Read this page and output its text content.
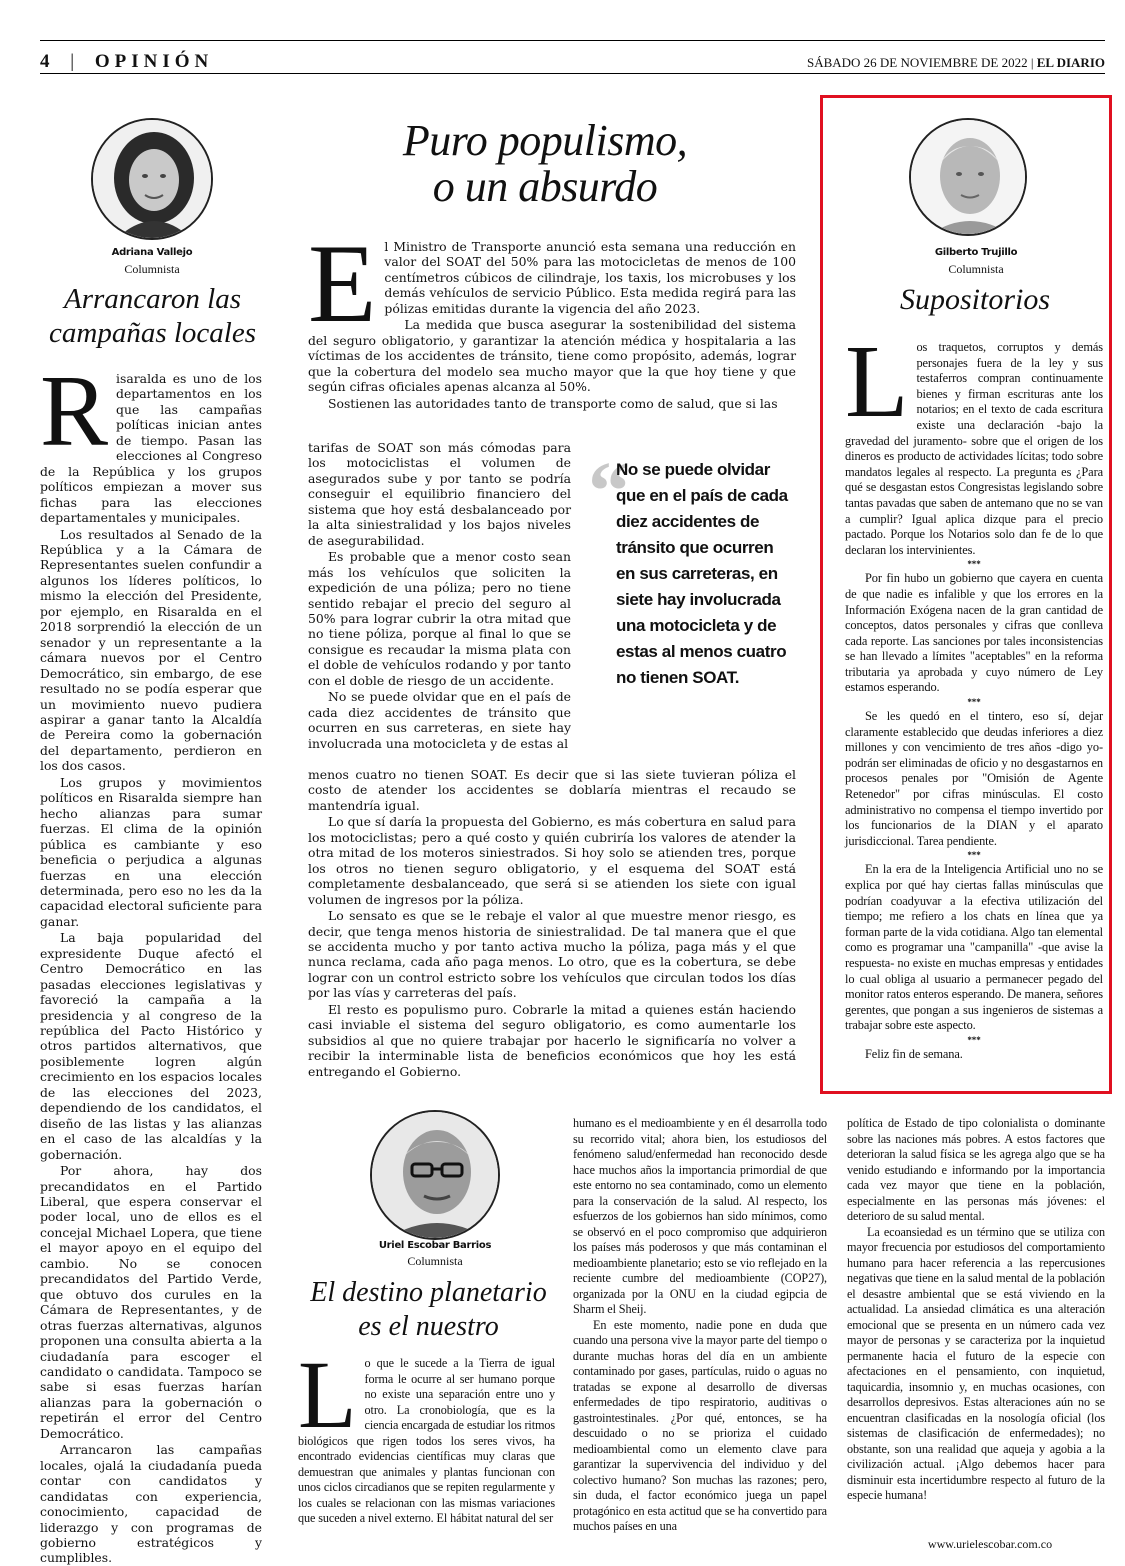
4 | OPINIÓN	SÁBADO 26 DE NOVIEMBRE DE 2022 | EL DIARIO
Adriana Vallejo
Columnista
Arrancaron las campañas locales

Risaralda es uno de los departamentos en los que las campañas políticas inician antes de tiempo. Pasan las elecciones al Congreso de la República y los grupos políticos empiezan a mover sus fichas para las elecciones departamentales y municipales.

Los resultados al Senado de la República y a la Cámara de Representantes suelen confundir a algunos los líderes políticos, lo mismo la elección del Presidente, por ejemplo, en Risaralda en el 2018 sorprendió la elección de un senador y un representante a la cámara nuevos por el Centro Democrático, sin embargo, de ese resultado no se podía esperar que un movimiento nuevo pudiera aspirar a ganar tanto la Alcaldía de Pereira como la gobernación del departamento, perdieron en los dos casos.

Los grupos y movimientos políticos en Risaralda siempre han hecho alianzas para sumar fuerzas. El clima de la opinión pública es cambiante y eso beneficia o perjudica a algunas fuerzas en una elección determinada, pero eso no les da la capacidad electoral suficiente para ganar.

La baja popularidad del expresidente Duque afectó el Centro Democrático en las pasadas elecciones legislativas y favoreció la campaña a la presidencia y al congreso de la república del Pacto Histórico y otros partidos alternativos, que posiblemente logren algún crecimiento en los espacios locales de las elecciones del 2023, dependiendo de los candidatos, el diseño de las listas y las alianzas en el caso de las alcaldías y la gobernación.

Por ahora, hay dos precandidatos en el Partido Liberal, que espera conservar el poder local, uno de ellos es el concejal Michael Lopera, que tiene el mayor apoyo en el equipo del cambio. No se conocen precandidatos del Partido Verde, que obtuvo dos curules en la Cámara de Representantes, y de otras fuerzas alternativas, algunos proponen una consulta abierta a la ciudadanía para escoger el candidato o candidata. Tampoco se sabe si esas fuerzas harían alianzas para la gobernación o repetirán el error del Centro Democrático.

Arrancaron las campañas locales, ojalá la ciudadanía pueda contar con candidatos y candidatas con experiencia, conocimiento, capacidad de liderazgo y con programas de gobierno estratégicos y cumplibles.

Puro populismo,
o un absurdo

El Ministro de Transporte anunció esta semana una reducción en valor del SOAT del 50% para las motocicletas de menos de 100 centímetros cúbicos de cilindraje, los taxis, los microbuses y los demás vehículos de servicio Público. Esta medida regirá para las pólizas emitidas durante la vigencia del año 2023.

La medida que busca asegurar la sostenibilidad del sistema del seguro obligatorio, y garantizar la atención médica y hospitalaria a las víctimas de los accidentes de tránsito, tiene como propósito, además, lograr que la cobertura del modelo sea mucho mayor que la que hoy tiene y que según cifras oficiales apenas alcanza al 50%.

Sostienen las autoridades tanto de transporte como de salud, que si las

tarifas de SOAT son más cómodas para los motociclistas el volumen de asegurados sube y por tanto se podría conseguir el equilibrio financiero del sistema que hoy está desbalanceado por la alta siniestralidad y los bajos niveles de asegurabilidad.

Es probable que a menor costo sean más los vehículos que soliciten la expedición de una póliza; pero no tiene sentido rebajar el precio del seguro al 50% para lograr cubrir la otra mitad que no tiene póliza, porque al final lo que se consigue es recaudar la misma plata con el doble de vehículos rodando y por tanto con el doble de riesgo de un accidente.

No se puede olvidar que en el país de cada diez accidentes de tránsito que ocurren en sus carreteras, en siete hay involucrada una motocicleta y de estas al

“
No se puede olvidar que en el país de cada diez accidentes de tránsito que ocurren en sus carreteras, en siete hay involucrada una motocicleta y de estas al menos cuatro no tienen SOAT.

menos cuatro no tienen SOAT. Es decir que si las siete tuvieran póliza el costo de atender los accidentes se doblaría mientras el recaudo se mantendría igual.

Lo que sí daría la propuesta del Gobierno, es más cobertura en salud para los motociclistas; pero a qué costo y quién cubriría los valores de atender la otra mitad de los moteros siniestrados. Si hoy solo se atienden tres, porque los otros no tienen seguro obligatorio, y el esquema del SOAT está completamente desbalanceado, que será si se atienden los siete con igual volumen de ingresos por la póliza.

Lo sensato es que se le rebaje el valor al que muestre menor riesgo, es decir, que tenga menos historia de siniestralidad. De tal manera que el que se accidenta mucho y por tanto activa mucho la póliza, paga más y el que nunca reclama, cada año paga menos. Lo otro, que es la cobertura, se debe lograr con un control estricto sobre los vehículos que circulan todos los días por las vías y carreteras del país.

El resto es populismo puro. Cobrarle la mitad a quienes están haciendo casi inviable el sistema del seguro obligatorio, es como aumentarle los subsidios al que no quiere trabajar por hacerlo le significaría no volver a recibir la interminable lista de beneficios económicos que hoy les está entregando el Gobierno.

Gilberto Trujillo
Columnista
Supositorios

Los traquetos, corruptos y demás personajes fuera de la ley y sus testaferros compran continuamente bienes y firman escrituras ante los notarios; en el texto de cada escritura existe una declaración -bajo la gravedad del juramento- sobre que el origen de los dineros es producto de actividades lícitas; todo sobre mandatos legales al respecto. La pregunta es ¿Para qué se desgastan estos Congresistas legislando sobre tantas pavadas que saben de antemano que no se van a cumplir? Igual aplica dizque para el precio pactado. Porque los Notarios solo dan fe de lo que declaran los intervinientes.

***

Por fin hubo un gobierno que cayera en cuenta de que nadie es infalible y que los errores en la Información Exógena nacen de la gran cantidad de conceptos, datos personales y cifras que conlleva cada reporte. Las sanciones por tales inconsistencias se han llevado a límites "aceptables" en la reforma tributaria ya aprobada y cuyo número de Ley estamos esperando.

***

Se les quedó en el tintero, eso sí, dejar claramente establecido que deudas inferiores a diez millones y con vencimiento de tres años -digo yo- podrán ser eliminadas de oficio y no desgastarnos en procesos penales por "Omisión de Agente Retenedor" por cifras minúsculas. El costo administrativo no compensa el tiempo invertido por los funcionarios de la DIAN y el aparato jurisdiccional. Tarea pendiente.

***

En la era de la Inteligencia Artificial uno no se explica por qué hay ciertas fallas minúsculas que podrían coadyuvar a la efectiva utilización del tiempo; me refiero a los chats en línea que ya forman parte de la vida cotidiana. Algo tan elemental como es programar una "campanilla" -que avise la respuesta- no existe en muchas empresas y entidades lo cual obliga al usuario a permanecer pegado del monitor ratos enteros esperando. De manera, señores gerentes, que pongan a sus ingenieros de sistemas a trabajar sobre este aspecto.

***

Feliz fin de semana.

Uriel Escobar Barrios
Columnista
El destino planetario
es el nuestro

Lo que le sucede a la Tierra de igual forma le ocurre al ser humano porque no existe una separación entre uno y otro. La cronobiología, que es la ciencia encargada de estudiar los ritmos biológicos que rigen todos los seres vivos, ha encontrado evidencias científicas muy claras que demuestran que animales y plantas funcionan con unos ciclos circadianos que se repiten regularmente y los cuales se relacionan con las mismas variaciones que suceden a nivel externo. El hábitat natural del ser

humano es el medioambiente y en él desarrolla todo su recorrido vital; ahora bien, los estudiosos del fenómeno salud/enfermedad han reconocido desde hace muchos años la importancia primordial de que este entorno no sea contaminado, como un elemento para la conservación de la salud. Al respecto, los esfuerzos de los gobiernos han sido mínimos, como se observó en el poco compromiso que adquirieron los países más poderosos y que más contaminan el medioambiente planetario; esto se vio reflejado en la reciente cumbre del medioambiente (COP27), organizada por la ONU en la ciudad egipcia de Sharm el Sheij.

En este momento, nadie pone en duda que cuando una persona vive la mayor parte del tiempo o durante muchas horas del día en un ambiente contaminado por gases, partículas, ruido o aguas no tratadas se expone al desarrollo de diversas enfermedades de tipo respiratorio, auditivas o gastrointestinales. ¿Por qué, entonces, se ha descuidado o no se prioriza el cuidado medioambiental como un elemento clave para garantizar la supervivencia del individuo y del colectivo humano? Son muchas las razones; pero, sin duda, el factor económico juega un papel protagónico en esta actitud que se ha convertido para muchos países en una

política de Estado de tipo colonialista o dominante sobre las naciones más pobres. A estos factores que deterioran la salud física se les agrega algo que se ha venido estudiando e informando por la importancia cada vez mayor que tiene en la población, especialmente en las personas más jóvenes: el deterioro de su salud mental.

La ecoansiedad es un término que se utiliza con mayor frecuencia por estudiosos del comportamiento humano para hacer referencia a las repercusiones negativas que tiene en la salud mental de la población el desastre ambiental que se está viviendo en la actualidad. La ansiedad climática es una alteración emocional que se presenta en un número cada vez mayor de personas y se caracteriza por la inquietud permanente hacia el futuro de la especie con afectaciones en el pensamiento, con inquietud, taquicardia, insomnio y, en muchas ocasiones, con desarrollos depresivos. Estas alteraciones aún no se encuentran clasificadas en la nosología oficial (los sistemas de clasificación de enfermedades); no obstante, son una realidad que aqueja y agobia a la civilización actual. ¡Algo debemos hacer para disminuir esta incertidumbre respecto al futuro de la especie humana!

www.urielescobar.com.co
